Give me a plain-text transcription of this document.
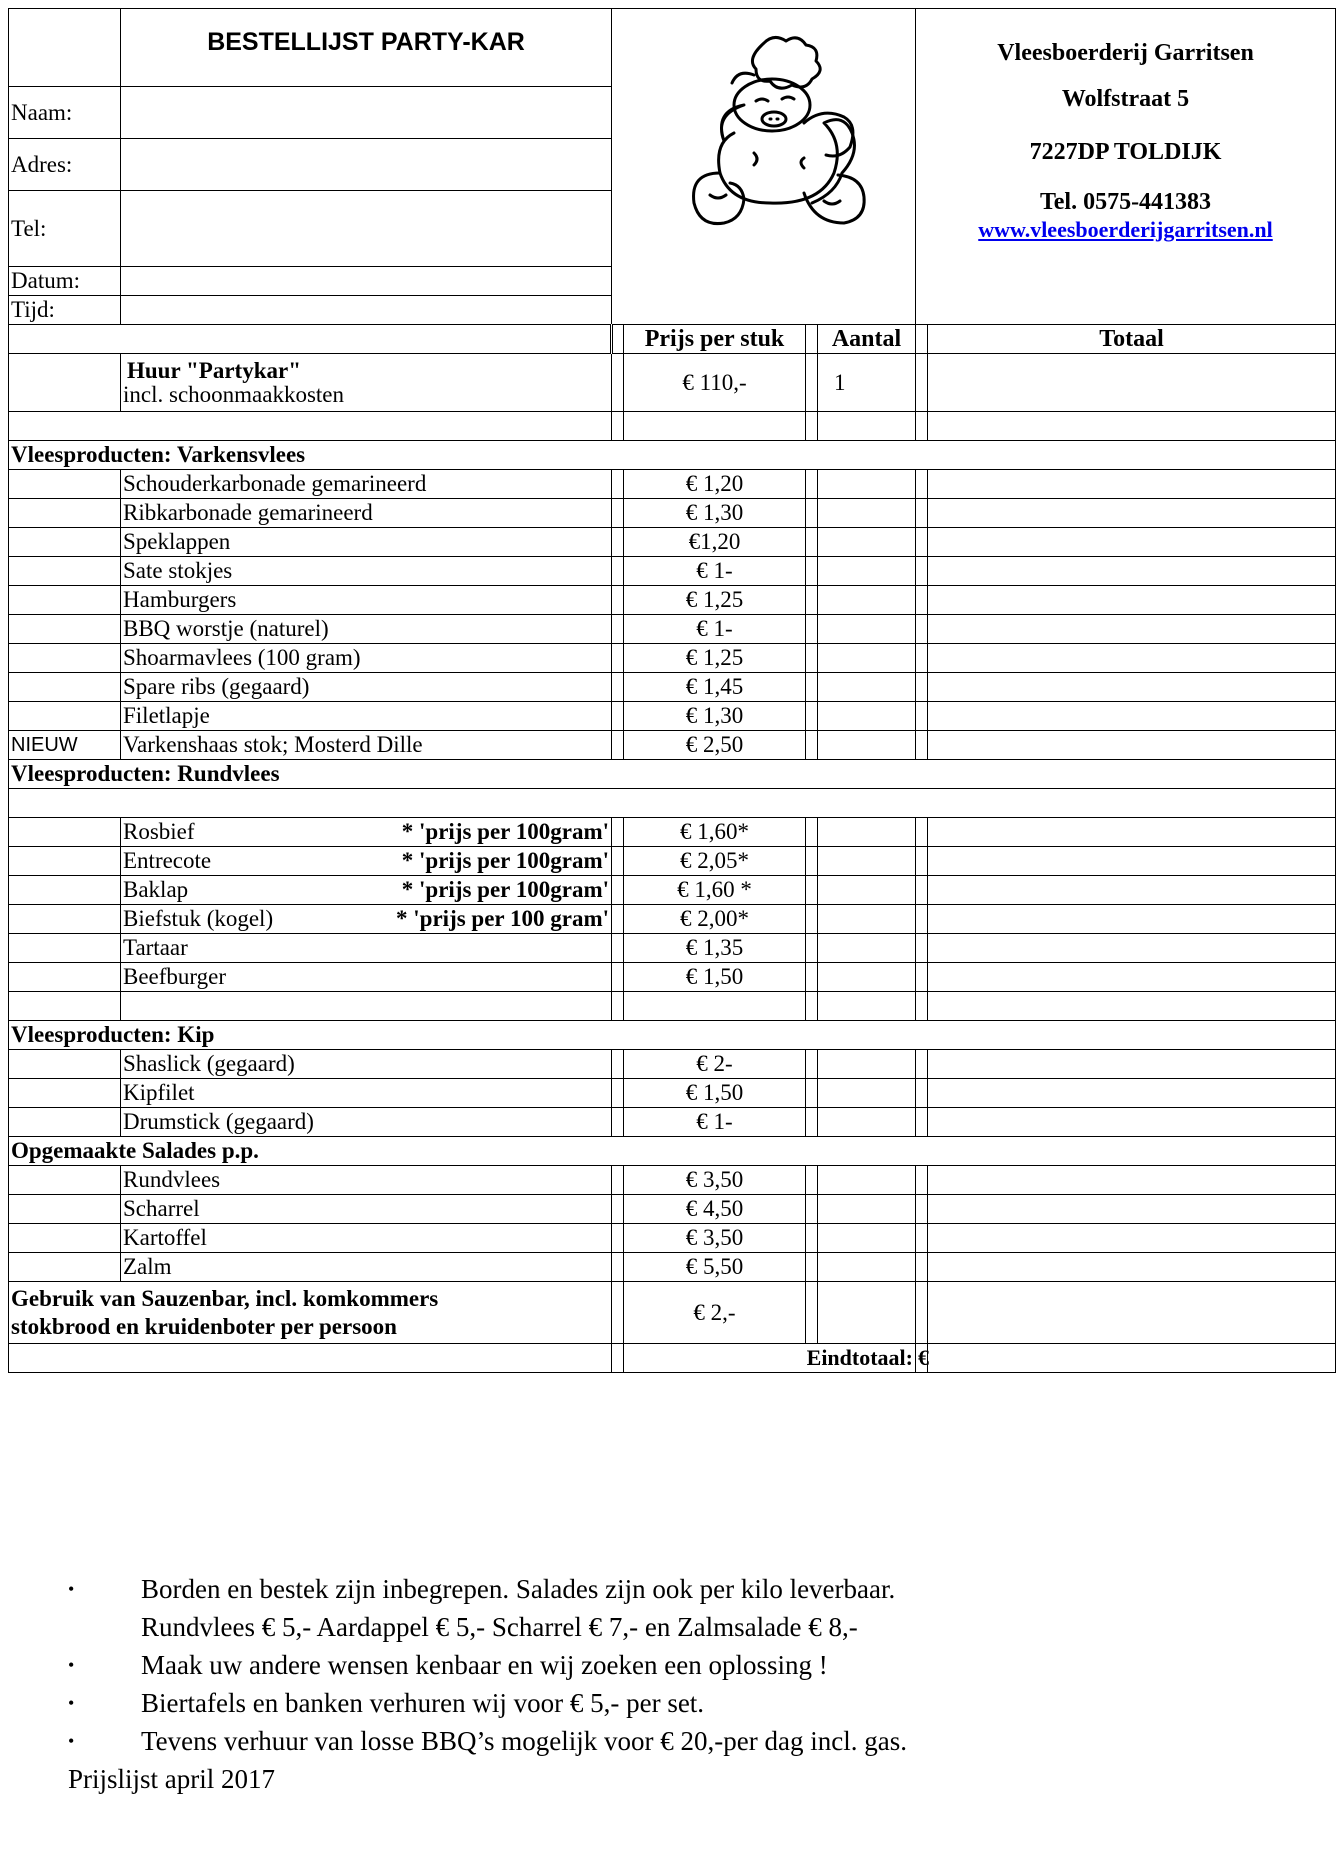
	BESTELLIJST PARTY-KAR					Vleesboerderij Garritsen
Wolfstraat 5
7227DP TOLDIJK
Tel. 0575-441383
www.vleesboerderijgarritsen.nl	

Naam:							
Adres:							
Tel:							
Datum:							
Tijd:							
			Prijs per stuk		Aantal		Totaal

	Huur "Partykar"
incl. schoonmaakkosten		€ 110,-		1		

Vleesproducten: Varkensvlees							
	Schouderkarbonade gemarineerd		€ 1,20				
	Ribkarbonade gemarineerd		€ 1,30				
	Speklappen		€1,20				
	Sate stokjes		€ 1-				
	Hamburgers		€ 1,25				
	BBQ worstje (naturel)		€ 1-				
	Shoarmavlees (100 gram)		€ 1,25				
	Spare ribs (gegaard)		€ 1,45				
	Filetlapje		€ 1,30				
NIEUW	Varkenshaas stok; Mosterd Dille		€ 2,50				
Vleesproducten: Rundvlees							

	Rosbief * 'prijs per 100gram'		€ 1,60*				
	Entrecote * 'prijs per 100gram'		€ 2,05*				
	Baklap * 'prijs per 100gram'		€ 1,60 *				
	Biefstuk (kogel) * 'prijs per 100 gram'		€ 2,00*				
	Tartaar		€ 1,35				
	Beefburger		€ 1,50				

Vleesproducten: Kip							
	Shaslick (gegaard)		€ 2-				
	Kipfilet		€ 1,50				
	Drumstick (gegaard)		€ 1-				
Opgemaakte Salades p.p.							
	Rundvlees		€ 3,50				
	Scharrel		€ 4,50				
	Kartoffel		€ 3,50				
	Zalm		€ 5,50				

Gebruik van Sauzenbar, incl. komkommers
stokbrood en kruidenboter per persoon			€ 2,-				
			Eindtotaal:			€	
• Borden en bestek zijn inbegrepen. Salades zijn ook per kilo leverbaar.
Rundvlees € 5,- Aardappel € 5,- Scharrel € 7,- en Zalmsalade € 8,-
• Maak uw andere wensen kenbaar en wij zoeken een oplossing !
• Biertafels en banken verhuren wij voor € 5,- per set.
• Tevens verhuur van losse BBQ’s mogelijk voor € 20,-per dag incl. gas.
Prijslijst april 2017
